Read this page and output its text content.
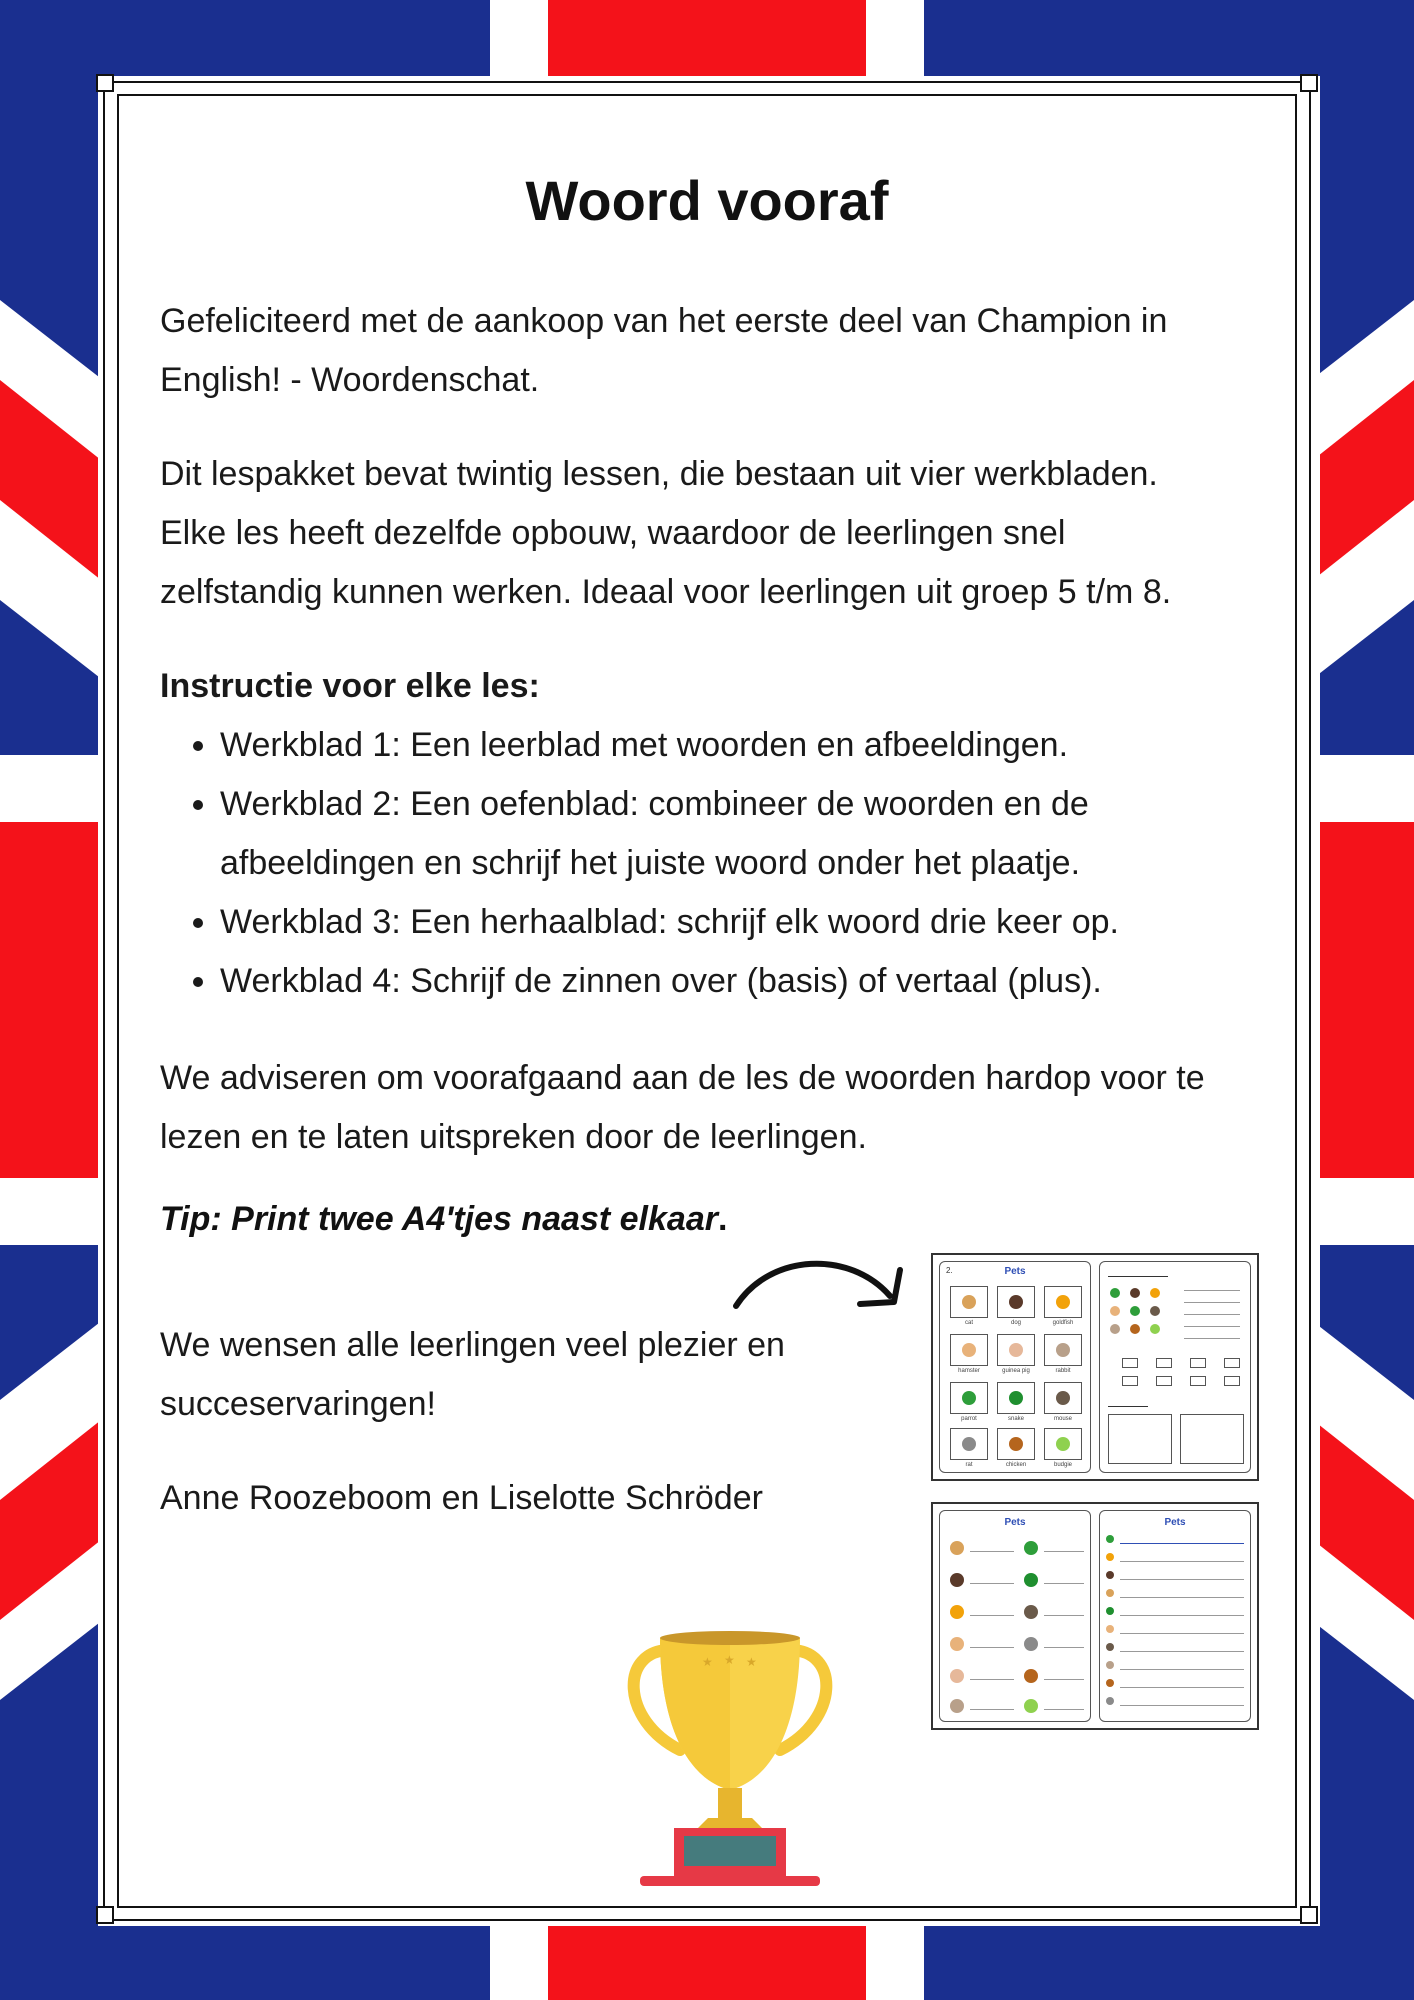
Woord vooraf

Gefeliciteerd met de aankoop van het eerste deel van Champion in

English! - Woordenschat.

Dit lespakket bevat twintig lessen, die bestaan uit vier werkbladen.

Elke les heeft dezelfde opbouw, waardoor de leerlingen snel

zelfstandig kunnen werken. Ideaal voor leerlingen uit groep 5 t/m 8.

Instructie voor elke les:

• Werkblad 1: Een leerblad met woorden en afbeeldingen.
• Werkblad 2: Een oefenblad: combineer de woorden en de afbeeldingen en schrijf het juiste woord onder het plaatje.
• Werkblad 3: Een herhaalblad: schrijf elk woord drie keer op.
• Werkblad 4: Schrijf de zinnen over (basis) of vertaal (plus).

We adviseren om voorafgaand aan de les de woorden hardop voor te

lezen en te laten uitspreken door de leerlingen.

Tip: Print twee A4'tjes naast elkaar.

We wensen alle leerlingen veel plezier en

succeservaringen!

Anne Roozeboom en Liselotte Schröder

2.	Pets
cat	dog	goldfish
hamster	guinea pig	rabbit
parrot	snake	mouse
rat	chicken	budgie
Pets	Pets
★ ★ ★
